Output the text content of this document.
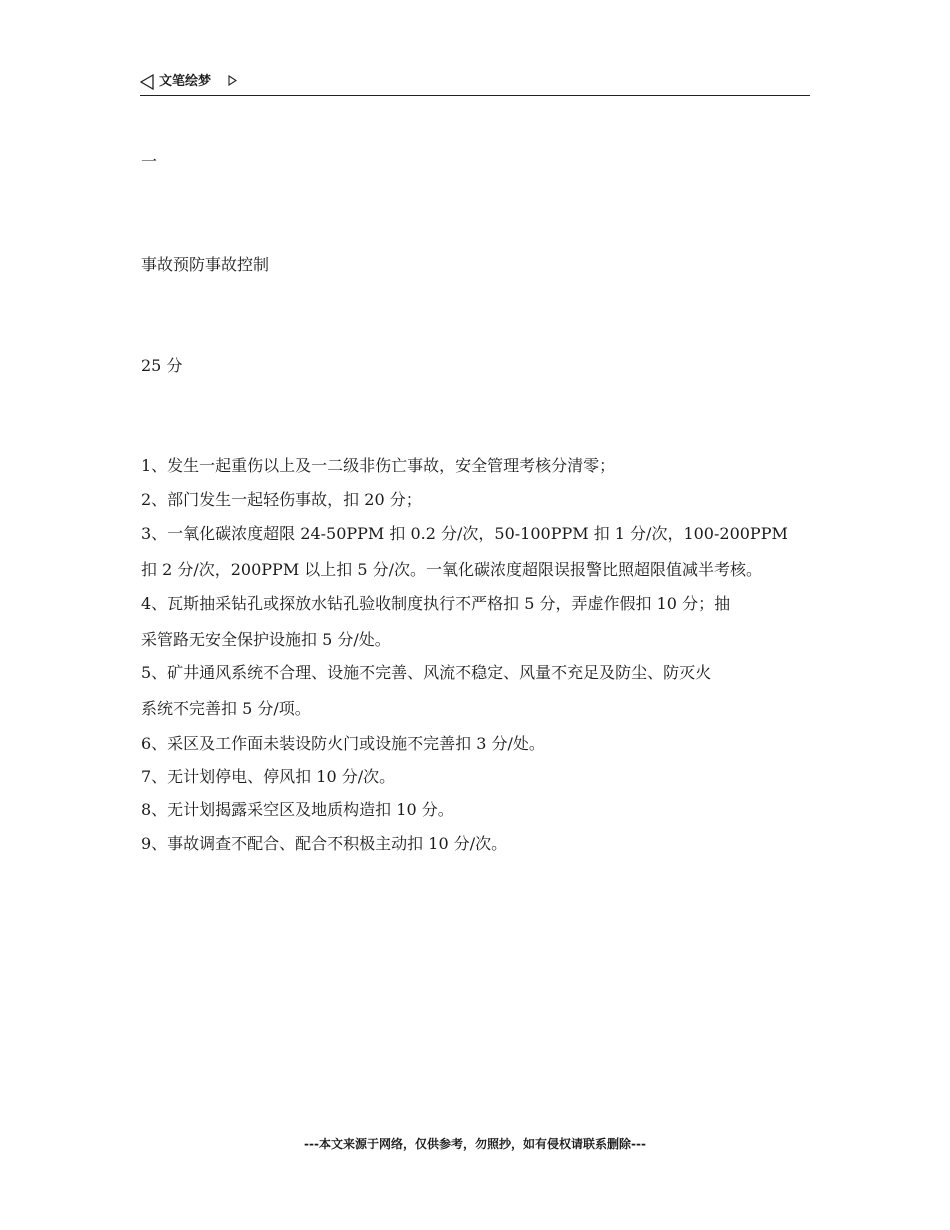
文笔绘梦
一
事故预防事故控制
25 分
1、发生一起重伤以上及一二级非伤亡事故，安全管理考核分清零；
2、部门发生一起轻伤事故，扣 20 分；
3、一氧化碳浓度超限 24-50PPM 扣 0.2 分/次，50-100PPM 扣 1 分/次，100-200PPM
扣 2 分/次，200PPM 以上扣 5 分/次。一氧化碳浓度超限误报警比照超限值减半考核。
4、瓦斯抽采钻孔或探放水钻孔验收制度执行不严格扣 5 分，弄虚作假扣 10 分；抽
采管路无安全保护设施扣 5 分/处。
5、矿井通风系统不合理、设施不完善、风流不稳定、风量不充足及防尘、防灭火
系统不完善扣 5 分/项。
6、采区及工作面未装设防火门或设施不完善扣 3 分/处。
7、无计划停电、停风扣 10 分/次。
8、无计划揭露采空区及地质构造扣 10 分。
9、事故调查不配合、配合不积极主动扣 10 分/次。
---本文来源于网络，仅供参考，勿照抄，如有侵权请联系删除---
